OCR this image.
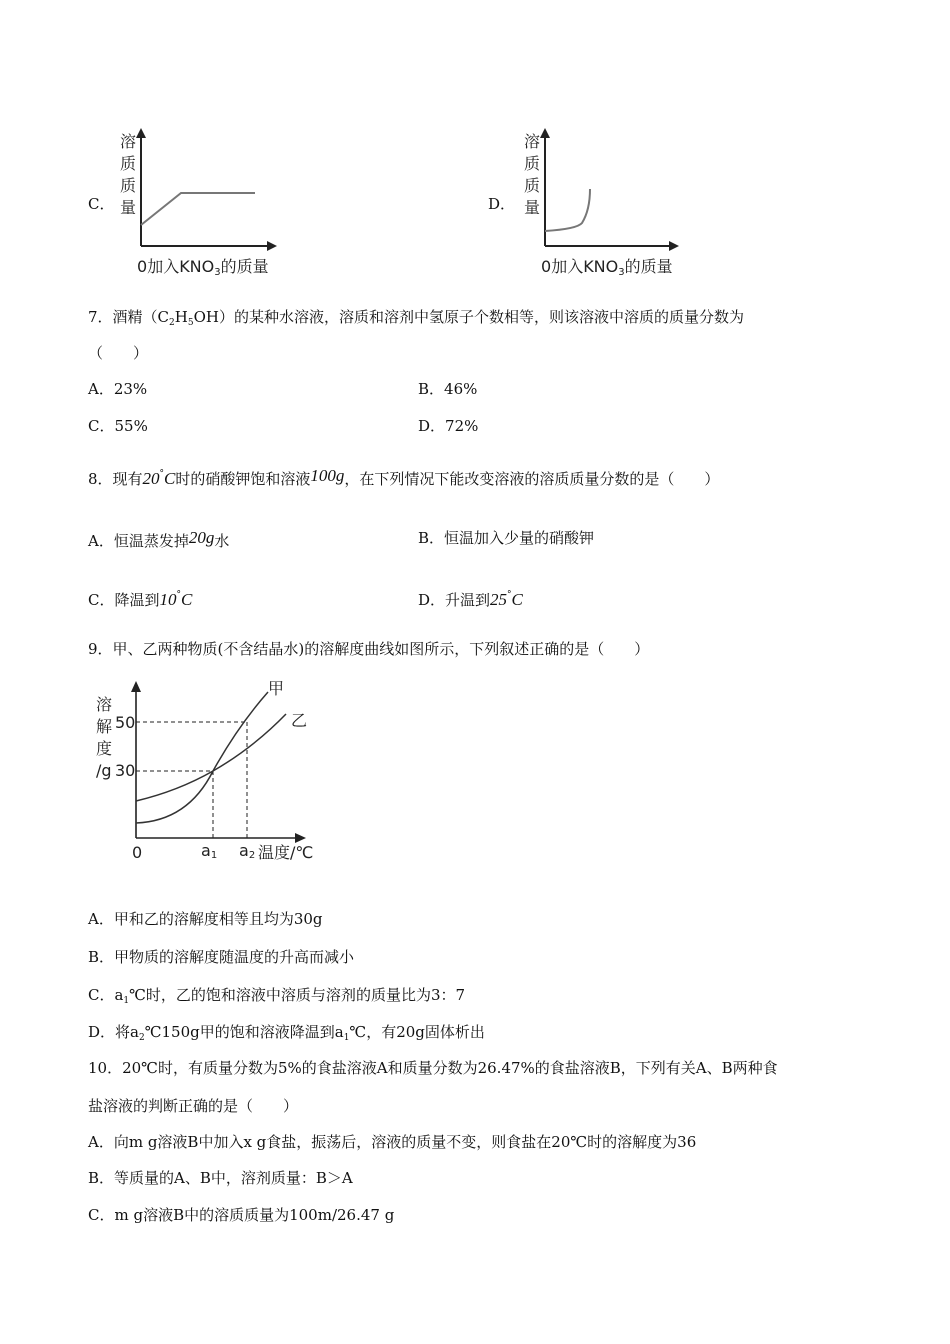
C．
溶
质
质
量
0加入KNO3的质量
D．
溶
质
质
量
0加入KNO3的质量
7．酒精$(C_2H_5OH)$的某种水溶液，溶质和溶剂中氢原子个数相等，则该溶液中溶质的质量分数为
（　　）
A．23%	B．46%
C．55%	D．72%
8．现有20°C时的硝酸钾饱和溶液100g，在下列情况下能改变溶液的溶质质量分数的是（　　）
A．恒温蒸发掉20g水	B．恒温加入少量的硝酸钾
C．降温到10°C	D．升温到25°C
9．甲、乙两种物质(不含结晶水)的溶解度曲线如图所示，下列叙述正确的是（　　）
溶
解
度
/g
50
30
0	a1 a2 温度/℃
甲
乙
A．甲和乙的溶解度相等且均为30g
B．甲物质的溶解度随温度的升高而减小
C．$a_1℃$时，乙的饱和溶液中溶质与溶剂的质量比为3：7
D．将$a_2℃150g$甲的饱和溶液降温到$a_1℃$，有20g固体析出
10．20℃时，有质量分数为5%的食盐溶液A和质量分数为26.47%的食盐溶液B，下列有关A、B两种食
盐溶液的判断正确的是（　　）
A．向m g溶液B中加入x g食盐，振荡后，溶液的质量不变，则食盐在20℃时的溶解度为36
B．等质量的A、B中，溶剂质量：B＞A
C．m g溶液B中的溶质质量为100m/26.47 g
